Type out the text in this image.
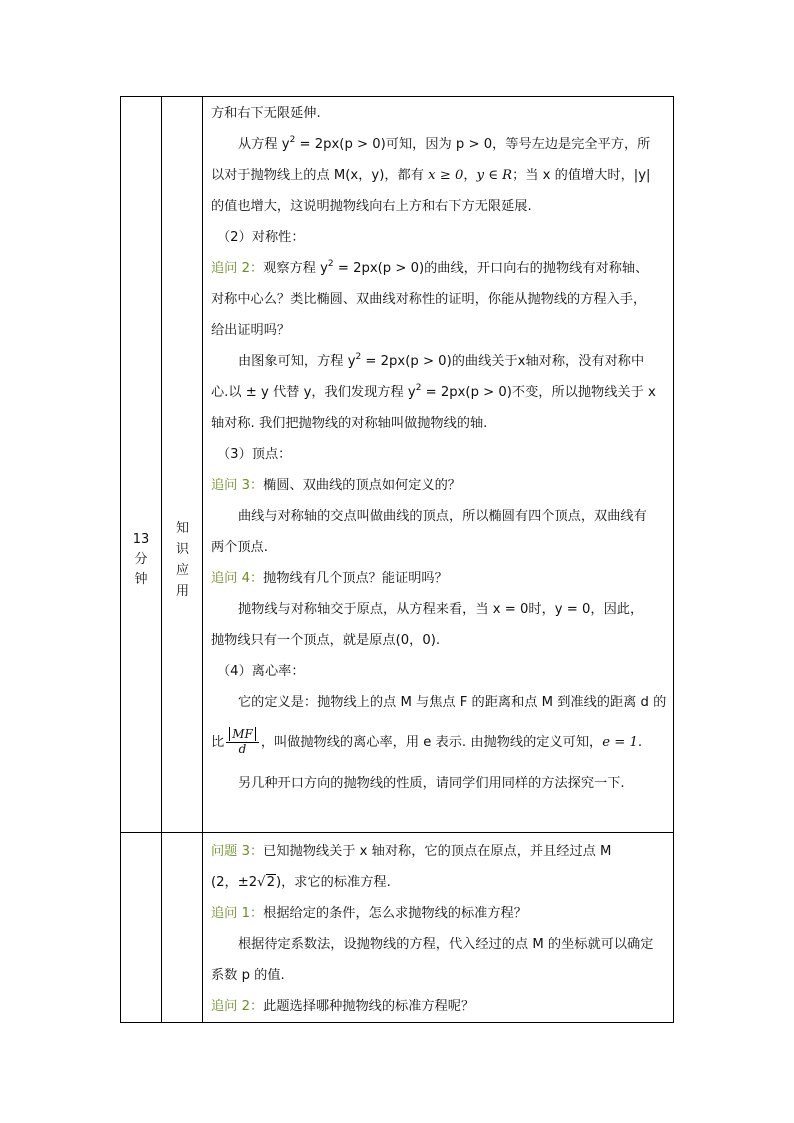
方和右下无限延伸.

从方程 $y^2 = 2px(p > 0)$可知，因为 p > 0，等号左边是完全平方，所

以对于抛物线上的点 M(x，y)，都有 x ≥ 0，y ∈ R；当 x 的值增大时，|y|

的值也增大，这说明抛物线向右上方和右下方无限延展.

（2）对称性：

追问 2：观察方程 $y^2 = 2px(p > 0)$的曲线，开口向右的抛物线有对称轴、

对称中心么？类比椭圆、双曲线对称性的证明，你能从抛物线的方程入手，

给出证明吗？

由图象可知，方程 $y^2 = 2px(p > 0)$的曲线关于x轴对称，没有对称中

心.以 ± y 代替 y，我们发现方程 $y^2 = 2px(p > 0)$不变，所以抛物线关于 x

轴对称. 我们把抛物线的对称轴叫做抛物线的轴.

（3）顶点：

追问 3：椭圆、双曲线的顶点如何定义的？

曲线与对称轴的交点叫做曲线的顶点，所以椭圆有四个顶点，双曲线有

两个顶点.

追问 4：抛物线有几个顶点？能证明吗？

抛物线与对称轴交于原点，从方程来看，当 x = 0时，y = 0，因此，

抛物线只有一个顶点，就是原点(0，0).

（4）离心率：

它的定义是：抛物线上的点 M 与焦点 F 的距离和点 M 到准线的距离 d 的

比 $\frac{MF}{d}$ ，叫做抛物线的离心率，用 e 表示. 由抛物线的定义可知，e = 1.

另几种开口方向的抛物线的性质，请同学们用同样的方法探究一下.

13
分
钟
知
识
应
用

问题 3：已知抛物线关于 x 轴对称，它的顶点在原点，并且经过点 M

(2，±2√2)，求它的标准方程.

追问 1：根据给定的条件，怎么求抛物线的标准方程？

根据待定系数法，设抛物线的方程，代入经过的点 M 的坐标就可以确定

系数 p 的值.

追问 2：此题选择哪种抛物线的标准方程呢？
